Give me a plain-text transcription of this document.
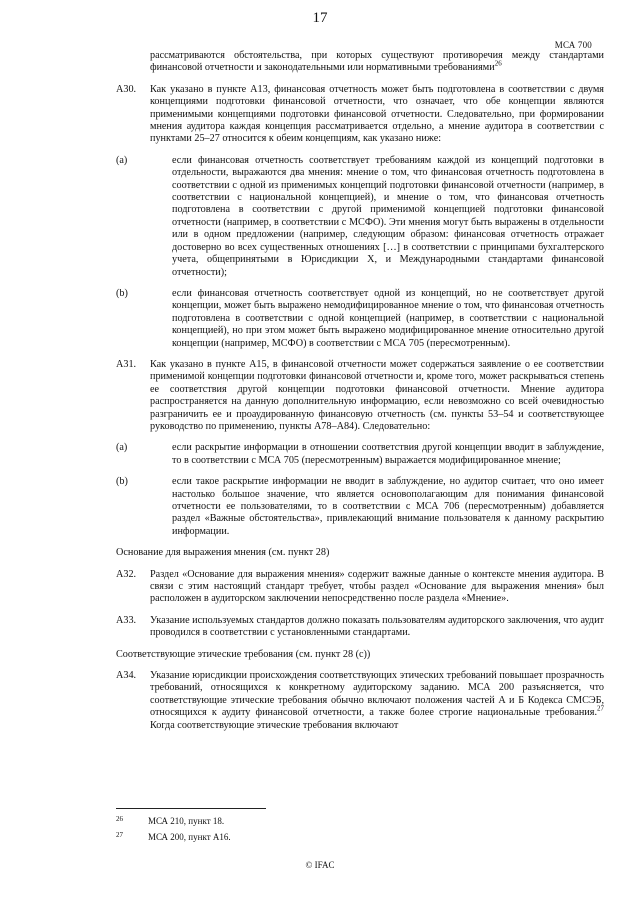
17
МСА 700
рассматриваются обстоятельства, при которых существуют противоречия между стандартами финансовой отчетности и законодательными или нормативными требованиями$^{26}$
A30. Как указано в пункте A13, финансовая отчетность может быть подготовлена в соответствии с двумя концепциями подготовки финансовой отчетности, что означает, что обе концепции являются применимыми концепциями подготовки финансовой отчетности. Следовательно, при формировании мнения аудитора каждая концепция рассматривается отдельно, а мнение аудитора в соответствии с пунктами 25–27 относится к обеим концепциям, как указано ниже:
(a)	если финансовая отчетность соответствует требованиям каждой из концепций подготовки в отдельности, выражаются два мнения: мнение о том, что финансовая отчетность подготовлена в соответствии с одной из применимых концепций подготовки финансовой отчетности (например, в соответствии с национальной концепцией), и мнение о том, что финансовая отчетность подготовлена в соответствии с другой применимой концепцией подготовки финансовой отчетности (например, в соответствии с МСФО). Эти мнения могут быть выражены в отдельности или в одном предложении (например, следующим образом: финансовая отчетность отражает достоверно во всех существенных отношениях […] в соответствии с принципами бухгалтерского учета, общепринятыми в Юрисдикции X, и Международными стандартами финансовой отчетности);
(b)	если финансовая отчетность соответствует одной из концепций, но не соответствует другой концепции, может быть выражено немодифицированное мнение о том, что финансовая отчетность подготовлена в соответствии с одной концепцией (например, в соответствии с национальной концепцией), но при этом может быть выражено модифицированное мнение относительно другой концепции (например, МСФО) в соответствии с МСА 705 (пересмотренным).
A31. Как указано в пункте A15, в финансовой отчетности может содержаться заявление о ее соответствии применимой концепции подготовки финансовой отчетности и, кроме того, может раскрываться степень ее соответствия другой концепции подготовки финансовой отчетности. Мнение аудитора распространяется на данную дополнительную информацию, если невозможно со всей очевидностью разграничить ее и проаудированную финансовую отчетность (см. пункты 53–54 и соответствующее руководство по применению, пункты A78–A84). Следовательно:
(a)	если раскрытие информации в отношении соответствия другой концепции вводит в заблуждение, то в соответствии с МСА 705 (пересмотренным) выражается модифицированное мнение;
(b)	если такое раскрытие информации не вводит в заблуждение, но аудитор считает, что оно имеет настолько большое значение, что является основополагающим для понимания финансовой отчетности ее пользователями, то в соответствии с МСА 706 (пересмотренным) добавляется раздел «Важные обстоятельства», привлекающий внимание пользователя к данному раскрытию информации.
Основание для выражения мнения (см. пункт 28)
A32. Раздел «Основание для выражения мнения» содержит важные данные о контексте мнения аудитора. В связи с этим настоящий стандарт требует, чтобы раздел «Основание для выражения мнения» был расположен в аудиторском заключении непосредственно после раздела «Мнение».
A33. Указание используемых стандартов должно показать пользователям аудиторского заключения, что аудит проводился в соответствии с установленными стандартами.
Соответствующие этические требования (см. пункт 28 (c))
A34. Указание юрисдикции происхождения соответствующих этических требований повышает прозрачность требований, относящихся к конкретному аудиторскому заданию. МСА 200 разъясняется, что соответствующие этические требования обычно включают положения частей A и Б Кодекса СМСЭБ, относящихся к аудиту финансовой отчетности, а также более строгие национальные требования.$^{27}$ Когда соответствующие этические требования включают
26	МСА 210, пункт 18.
27	МСА 200, пункт A16.
© IFAC
